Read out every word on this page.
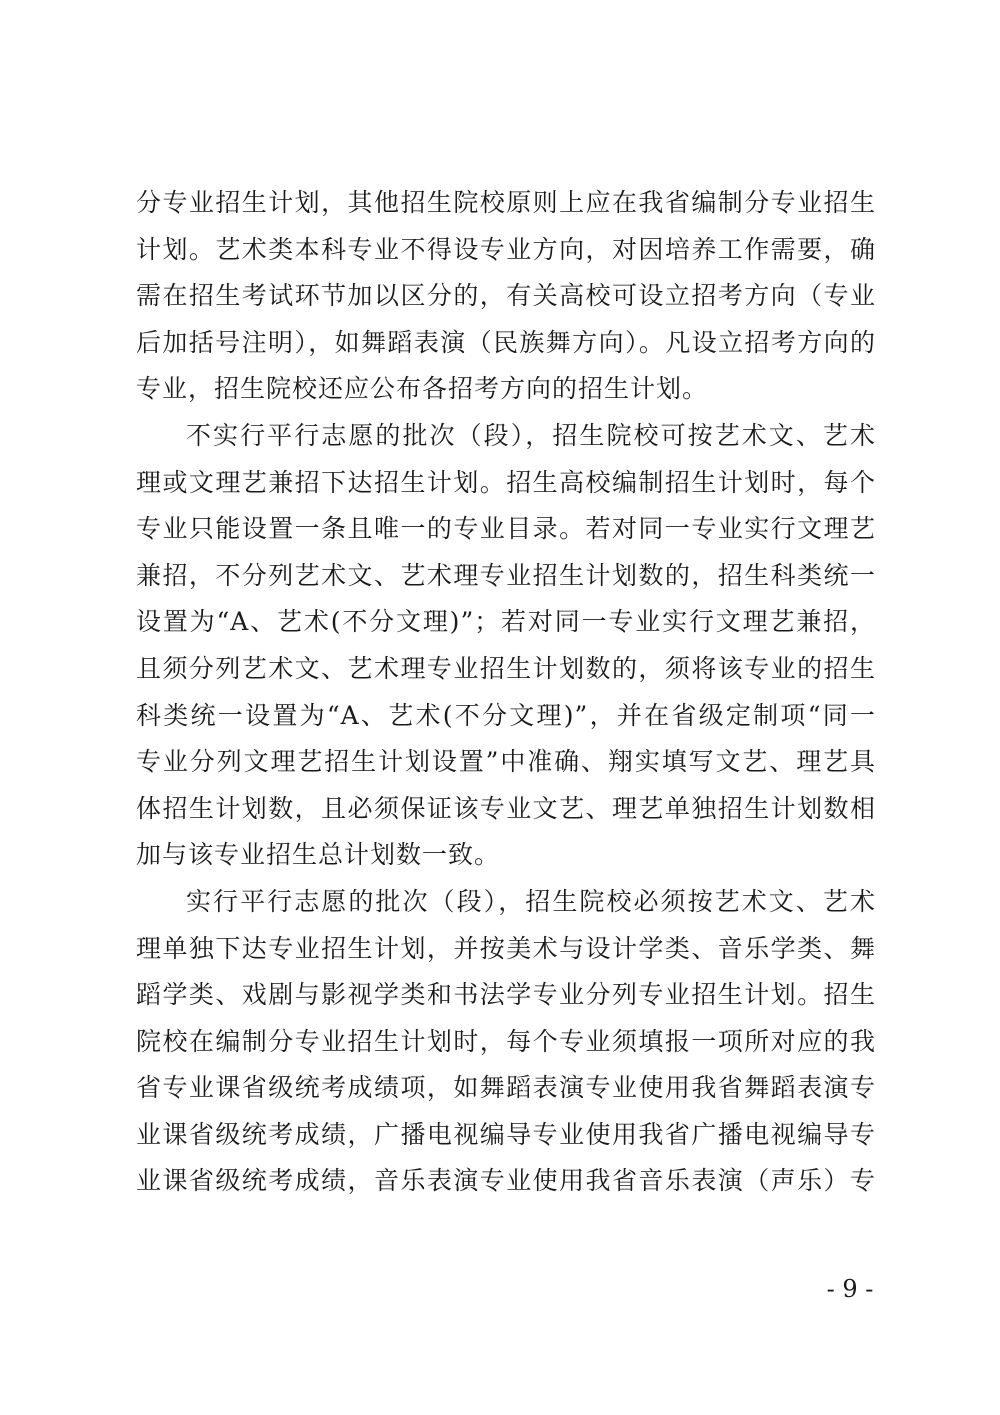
分专业招生计划，其他招生院校原则上应在我省编制分专业招生
计划。艺术类本科专业不得设专业方向，对因培养工作需要，确
需在招生考试环节加以区分的，有关高校可设立招考方向（专业
后加括号注明），如舞蹈表演（民族舞方向）。凡设立招考方向的
专业，招生院校还应公布各招考方向的招生计划。
不实行平行志愿的批次（段），招生院校可按艺术文、艺术
理或文理艺兼招下达招生计划。招生高校编制招生计划时，每个
专业只能设置一条且唯一的专业目录。若对同一专业实行文理艺
兼招，不分列艺术文、艺术理专业招生计划数的，招生科类统一
设置为“A、艺术(不分文理)”；若对同一专业实行文理艺兼招，
且须分列艺术文、艺术理专业招生计划数的，须将该专业的招生
科类统一设置为“A、艺术(不分文理)”，并在省级定制项“同一
专业分列文理艺招生计划设置”中准确、翔实填写文艺、理艺具
体招生计划数，且必须保证该专业文艺、理艺单独招生计划数相
加与该专业招生总计划数一致。
实行平行志愿的批次（段），招生院校必须按艺术文、艺术
理单独下达专业招生计划，并按美术与设计学类、音乐学类、舞
蹈学类、戏剧与影视学类和书法学专业分列专业招生计划。招生
院校在编制分专业招生计划时，每个专业须填报一项所对应的我
省专业课省级统考成绩项，如舞蹈表演专业使用我省舞蹈表演专
业课省级统考成绩，广播电视编导专业使用我省广播电视编导专
业课省级统考成绩，音乐表演专业使用我省音乐表演（声乐）专
- 9 -
